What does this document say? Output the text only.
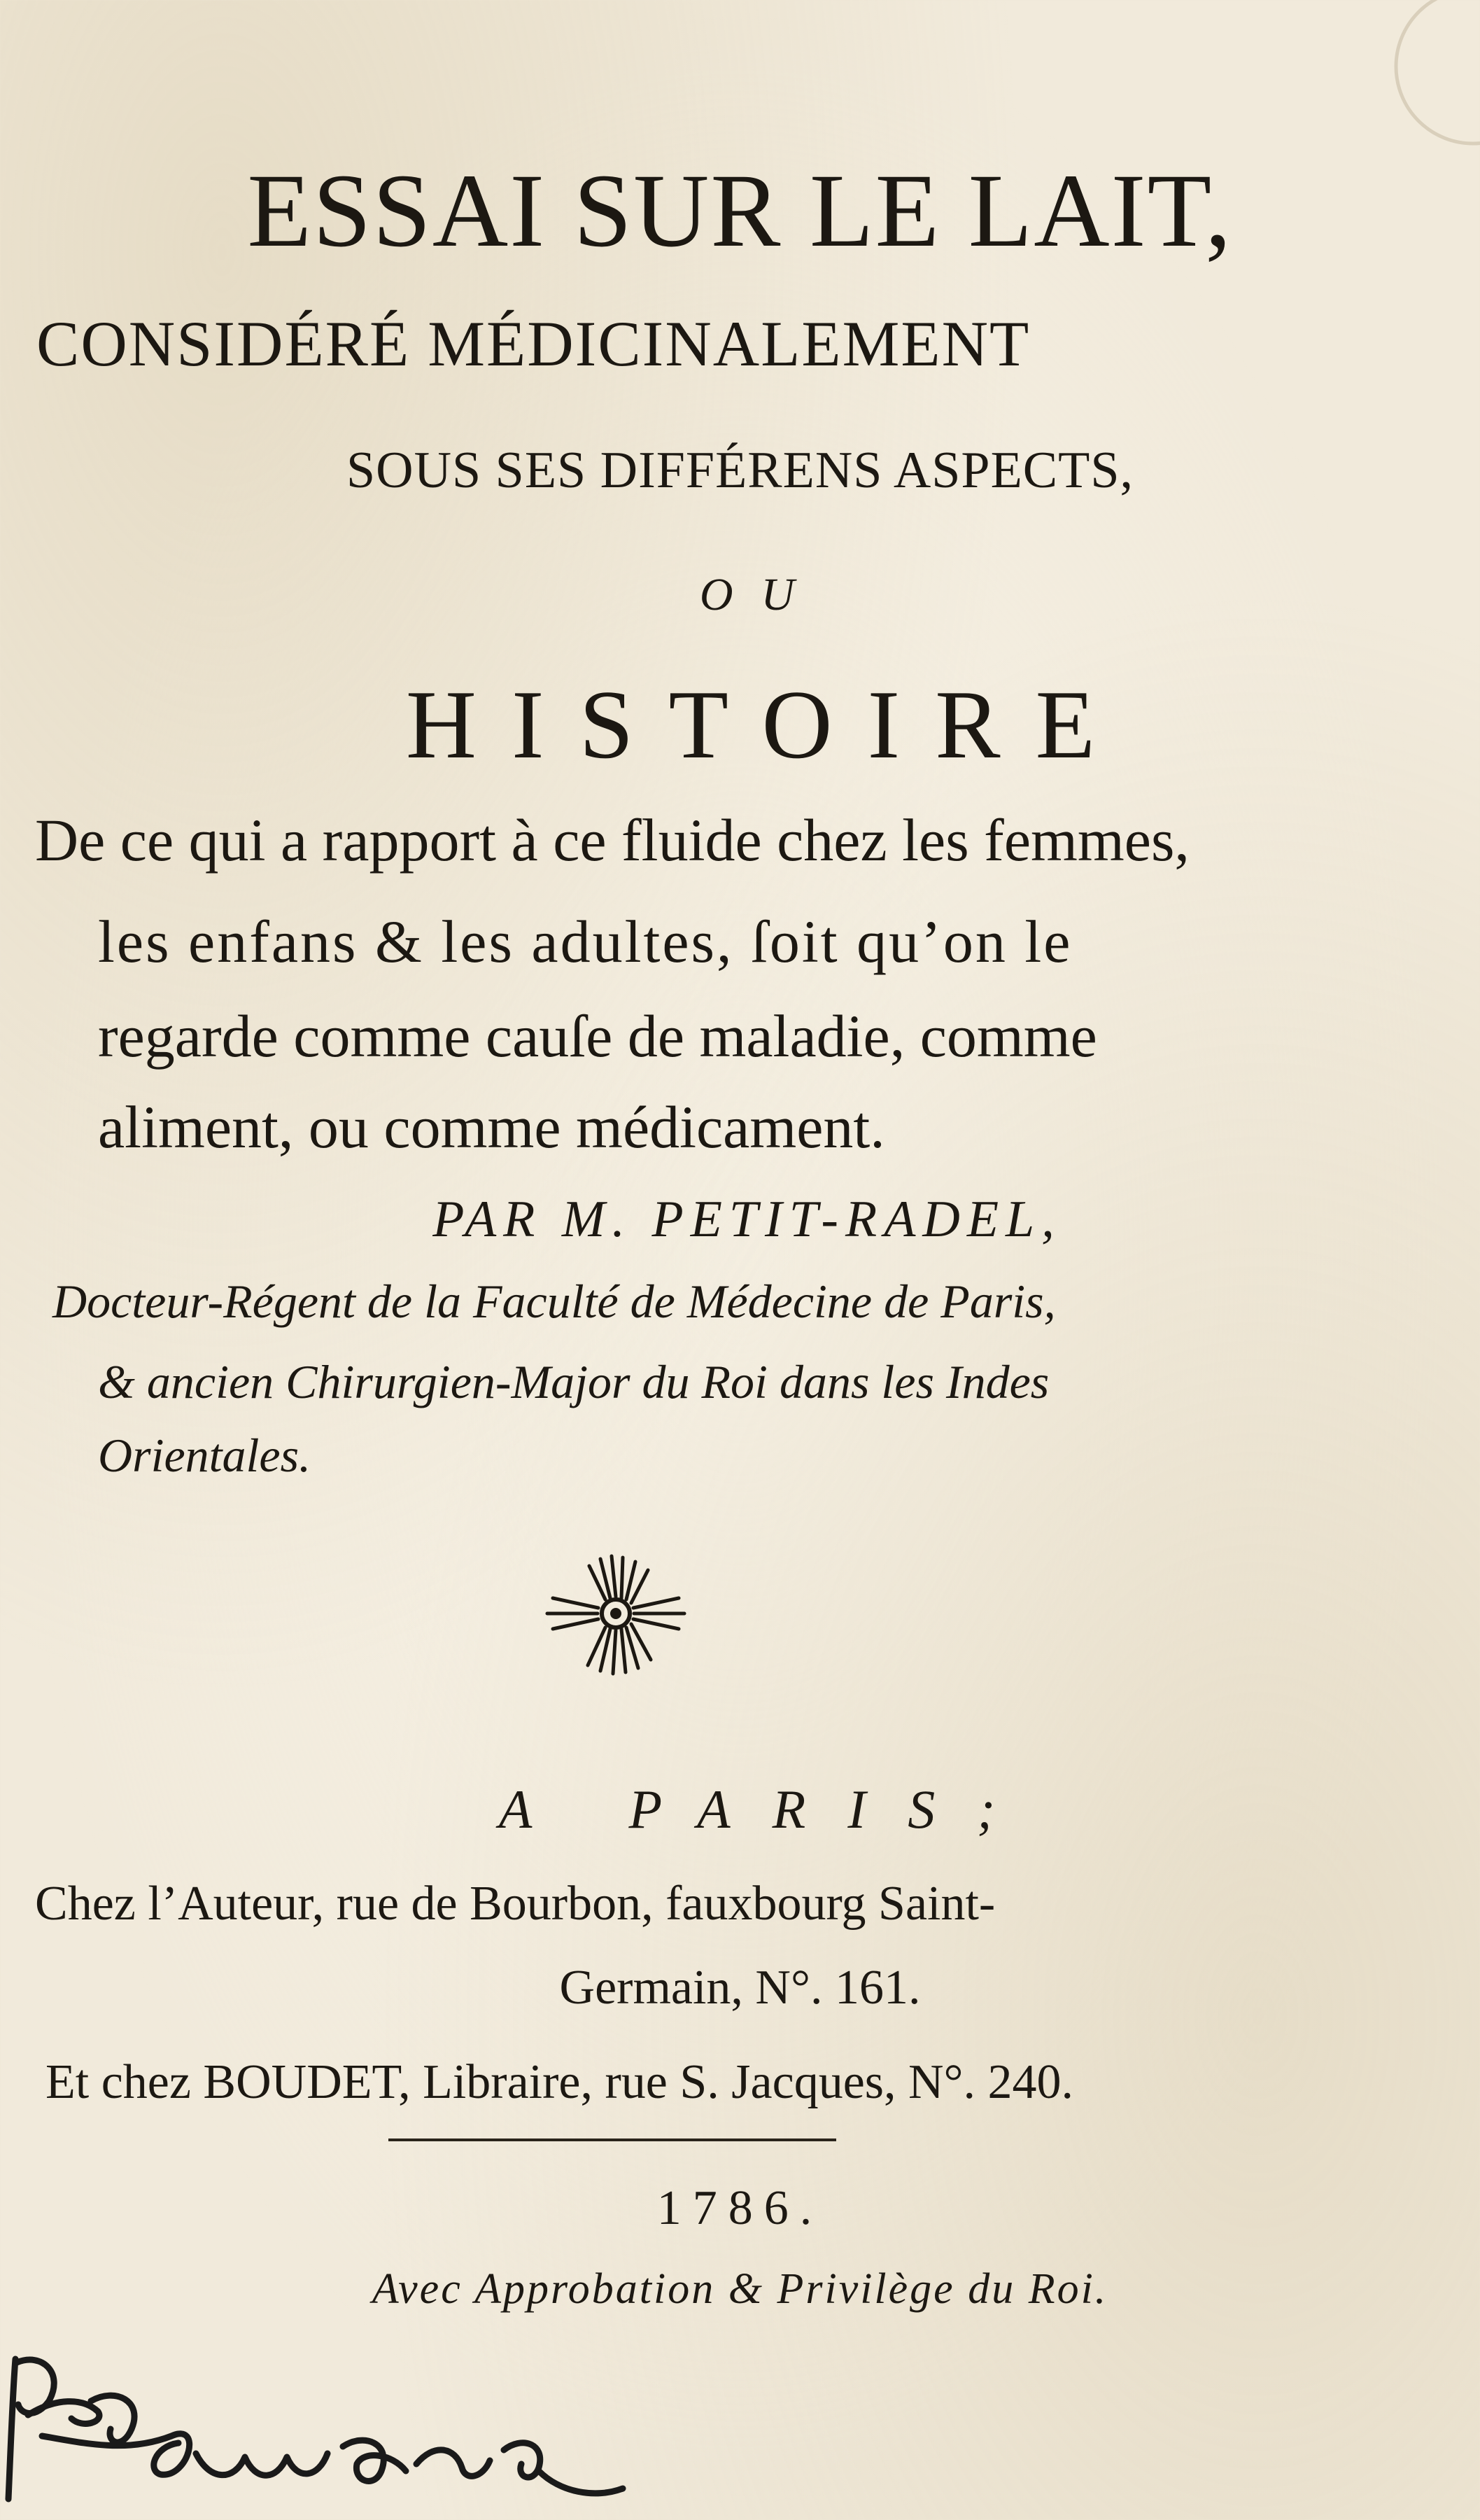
ESSAI SUR LE LAIT,

CONSIDÉRÉ MÉDICINALEMENT

SOUS SES DIFFÉRENS ASPECTS,

OU

HISTOIRE

De ce qui a rapport à ce fluide chez les femmes,

les enfans & les adultes, ſoit qu’on le

regarde comme cauſe de maladie, comme

aliment, ou comme médicament.

PAR M. PETIT-RADEL,

Docteur-Régent de la Faculté de Médecine de Paris,

& ancien Chirurgien-Major du Roi dans les Indes

Orientales.

A PARIS;

Chez l’Auteur, rue de Bourbon, fauxbourg Saint-

Germain, N°. 161.

Et chez BOUDET, Libraire, rue S. Jacques, N°. 240.

1786.

Avec Approbation & Privilège du Roi.
